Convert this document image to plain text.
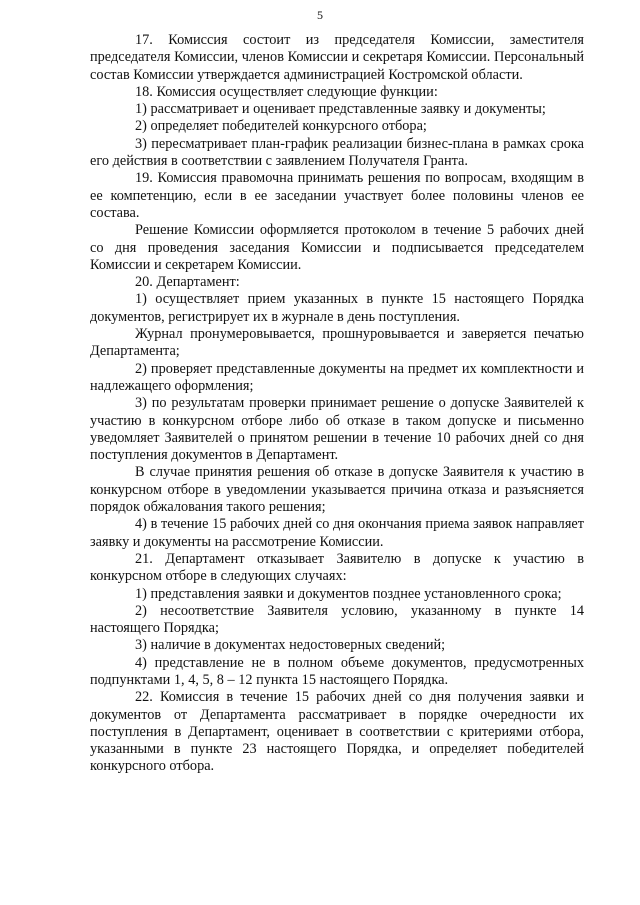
5

17. Комиссия состоит из председателя Комиссии, заместителя председателя Комиссии, членов Комиссии и секретаря Комиссии. Персональный состав Комиссии утверждается администрацией Костромской области.

18. Комиссия осуществляет следующие функции:

1) рассматривает и оценивает представленные заявку и документы;

2) определяет победителей конкурсного отбора;

3) пересматривает план-график реализации бизнес-плана в рамках срока его действия в соответствии с заявлением Получателя Гранта.

19. Комиссия правомочна принимать решения по вопросам, входящим в ее компетенцию, если в ее заседании участвует более половины членов ее состава.

Решение Комиссии оформляется протоколом в течение 5 рабочих дней со дня проведения заседания Комиссии и подписывается председателем Комиссии и секретарем Комиссии.

20. Департамент:

1) осуществляет прием указанных в пункте 15 настоящего Порядка документов, регистрирует их в журнале в день поступления.

Журнал пронумеровывается, прошнуровывается и заверяется печатью Департамента;

2) проверяет представленные документы на предмет их комплектности и надлежащего оформления;

3) по результатам проверки принимает решение о допуске Заявителей к участию в конкурсном отборе либо об отказе в таком допуске и письменно уведомляет Заявителей о принятом решении в течение 10 рабочих дней со дня поступления документов в Департамент.

В случае принятия решения об отказе в допуске Заявителя к участию в конкурсном отборе в уведомлении указывается причина отказа и разъясняется порядок обжалования такого решения;

4) в течение 15 рабочих дней со дня окончания приема заявок направляет заявку и документы на рассмотрение Комиссии.

21. Департамент отказывает Заявителю в допуске к участию в конкурсном отборе в следующих случаях:

1) представления заявки и документов позднее установленного срока;

2) несоответствие Заявителя условию, указанному в пункте 14 настоящего Порядка;

3) наличие в документах недостоверных сведений;

4) представление не в полном объеме документов, предусмотренных подпунктами 1, 4, 5, 8 – 12 пункта 15 настоящего Порядка.

22. Комиссия в течение 15 рабочих дней со дня получения заявки и документов от Департамента рассматривает в порядке очередности их поступления в Департамент, оценивает в соответствии с критериями отбора, указанными в пункте 23 настоящего Порядка, и определяет победителей конкурсного отбора.
